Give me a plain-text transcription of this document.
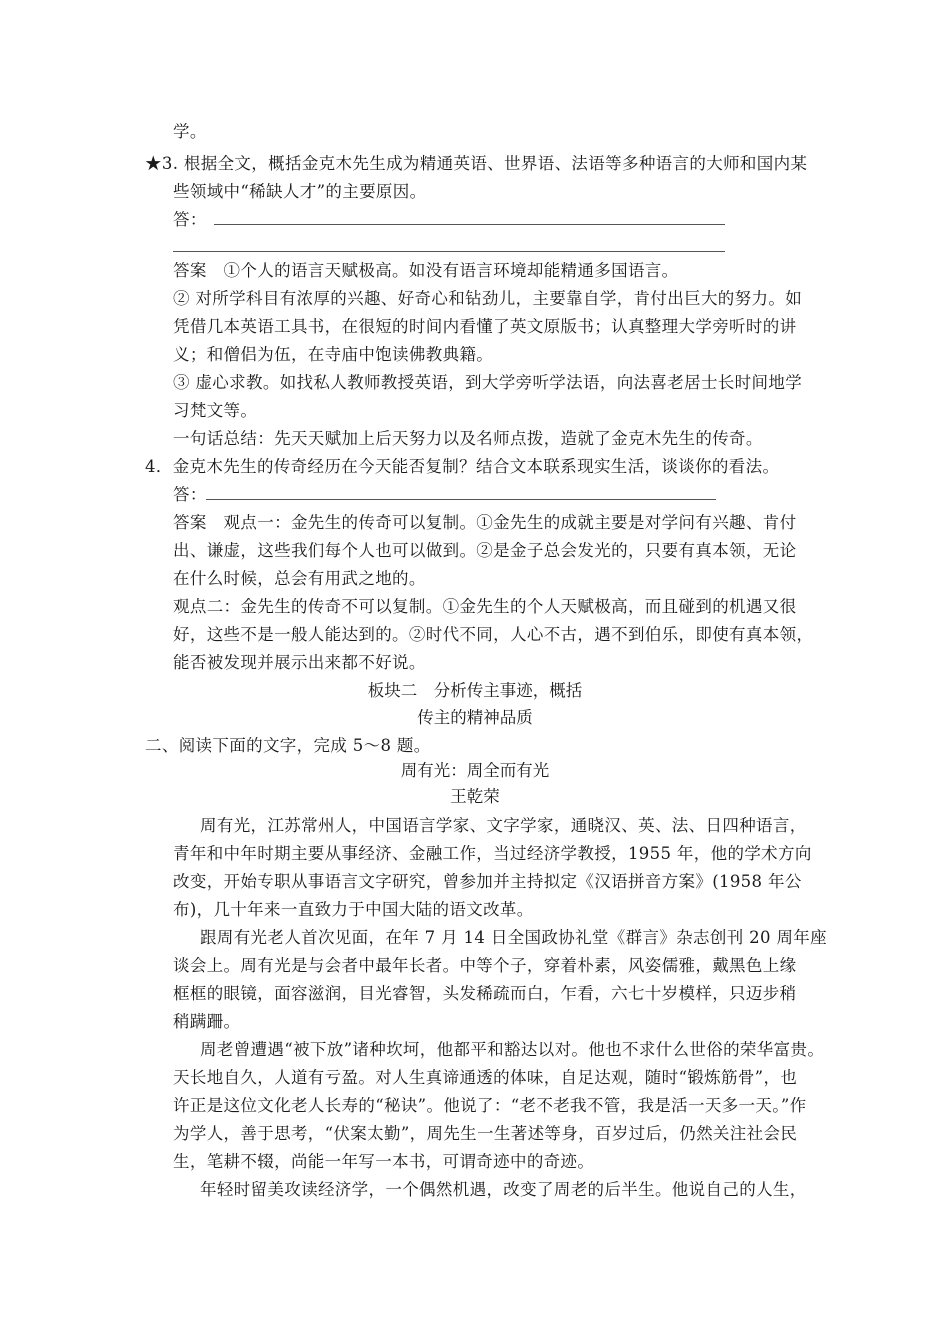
学。
★3. 根据全文，概括金克木先生成为精通英语、世界语、法语等多种语言的大师和国内某
些领域中“稀缺人才”的主要原因。
答：
答案　①个人的语言天赋极高。如没有语言环境却能精通多国语言。
② 对所学科目有浓厚的兴趣、好奇心和钻劲儿，主要靠自学，肯付出巨大的努力。如
凭借几本英语工具书，在很短的时间内看懂了英文原版书；认真整理大学旁听时的讲
义；和僧侣为伍，在寺庙中饱读佛教典籍。
③ 虚心求教。如找私人教师教授英语，到大学旁听学法语，向法喜老居士长时间地学
习梵文等。
一句话总结：先天天赋加上后天努力以及名师点拨，造就了金克木先生的传奇。
4．金克木先生的传奇经历在今天能否复制？结合文本联系现实生活，谈谈你的看法。
答：
答案　观点一：金先生的传奇可以复制。①金先生的成就主要是对学问有兴趣、肯付
出、谦虚，这些我们每个人也可以做到。②是金子总会发光的，只要有真本领，无论
在什么时候，总会有用武之地的。
观点二：金先生的传奇不可以复制。①金先生的个人天赋极高，而且碰到的机遇又很
好，这些不是一般人能达到的。②时代不同，人心不古，遇不到伯乐，即使有真本领，
能否被发现并展示出来都不好说。
板块二　分析传主事迹，概括
传主的精神品质
二、阅读下面的文字，完成 5～8 题。
周有光：周全而有光
王乾荣
周有光，江苏常州人，中国语言学家、文字学家，通晓汉、英、法、日四种语言，
青年和中年时期主要从事经济、金融工作，当过经济学教授，1955 年，他的学术方向
改变，开始专职从事语言文字研究，曾参加并主持拟定《汉语拼音方案》(1958 年公
布)，几十年来一直致力于中国大陆的语文改革。
跟周有光老人首次见面，在年 7 月 14 日全国政协礼堂《群言》杂志创刊 20 周年座
谈会上。周有光是与会者中最年长者。中等个子，穿着朴素，风姿儒雅，戴黑色上缘
框框的眼镜，面容滋润，目光睿智，头发稀疏而白，乍看，六七十岁模样，只迈步稍
稍蹒跚。
周老曾遭遇“被下放”诸种坎坷，他都平和豁达以对。他也不求什么世俗的荣华富贵。
天长地自久，人道有亏盈。对人生真谛通透的体味，自足达观，随时“锻炼筋骨”，也
许正是这位文化老人长寿的“秘诀”。他说了：“老不老我不管，我是活一天多一天。”作
为学人，善于思考，“伏案太勤”，周先生一生著述等身，百岁过后，仍然关注社会民
生，笔耕不辍，尚能一年写一本书，可谓奇迹中的奇迹。
年轻时留美攻读经济学，一个偶然机遇，改变了周老的后半生。他说自己的人生，
